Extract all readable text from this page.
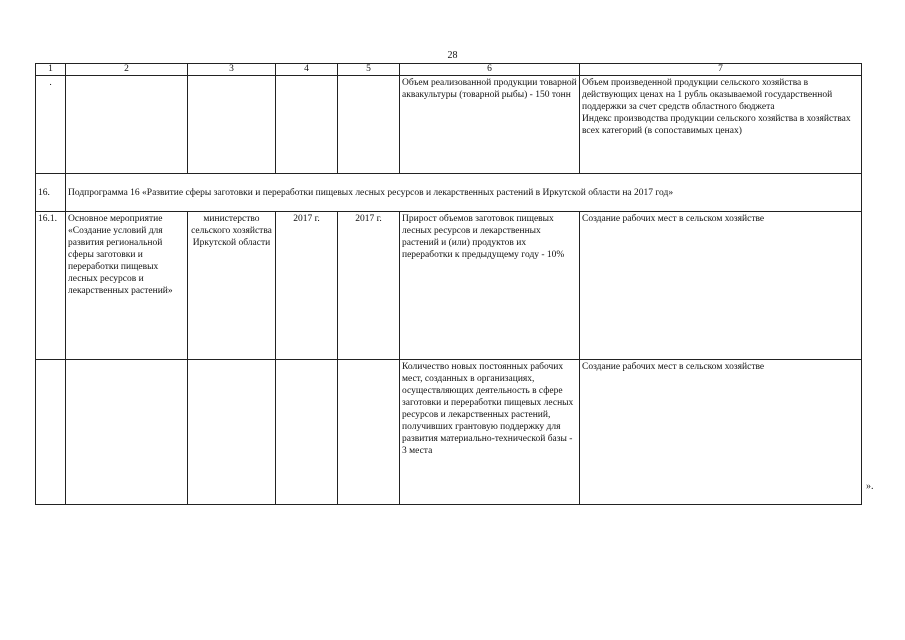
28
1	2	3	4	5	6	7
.					Объем реализованной продукции товарной аквакультуры (товарной рыбы) - 150 тонн	Объем произведенной продукции сельского хозяйства в действующих ценах на 1 рубль оказываемой государственной поддержки за счет средств областного бюджета
Индекс производства продукции сельского хозяйства в хозяйствах всех категорий (в сопоставимых ценах)

16.	Подпрограмма 16 «Развитие сферы заготовки и переработки пищевых лесных ресурсов и лекарственных растений в Иркутской области на 2017 год»					
16.1.	Основное мероприятие «Создание условий для развития региональной сферы заготовки и переработки пищевых лесных ресурсов и лекарственных растений»	министерство сельского хозяйства Иркутской области	2017 г.	2017 г.	Прирост объемов заготовок пищевых лесных ресурсов и лекарственных растений и (или) продуктов их переработки к предыдущему году - 10%	Создание рабочих мест в сельском хозяйстве
					Количество новых постоянных рабочих мест, созданных в организациях, осуществляющих деятельность в сфере заготовки и переработки пищевых лесных ресурсов и лекарственных растений, получивших грантовую поддержку для развития материально-технической базы - 3 места	Создание рабочих мест в сельском хозяйстве
».
